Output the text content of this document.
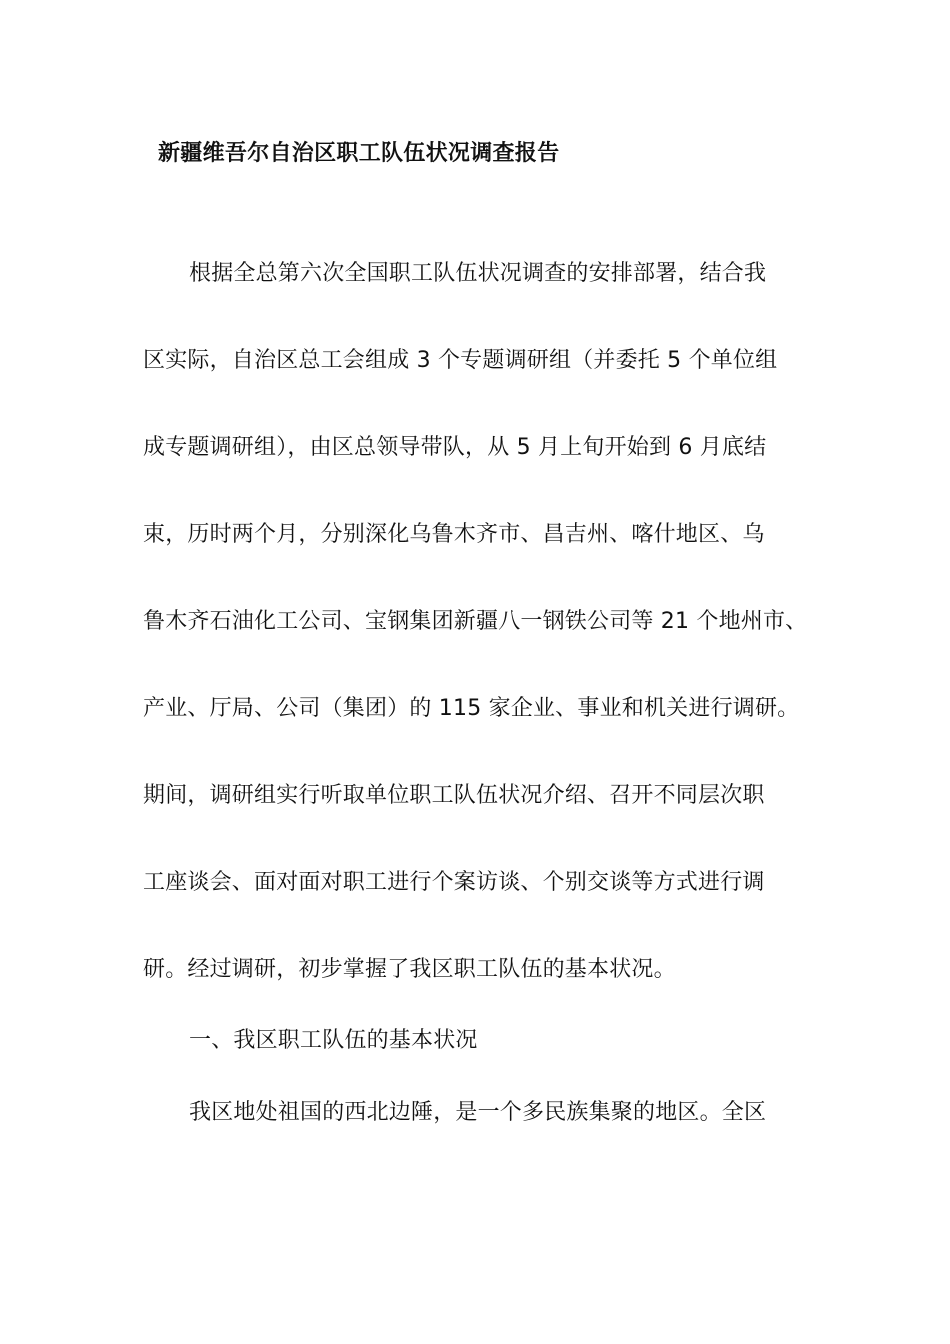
新疆维吾尔自治区职工队伍状况调查报告
根据全总第六次全国职工队伍状况调查的安排部署，结合我
区实际，自治区总工会组成 3 个专题调研组（并委托 5 个单位组
成专题调研组），由区总领导带队，从 5 月上旬开始到 6 月底结
束，历时两个月，分别深化乌鲁木齐市、昌吉州、喀什地区、乌
鲁木齐石油化工公司、宝钢集团新疆八一钢铁公司等 21 个地州市、
产业、厅局、公司（集团）的 115 家企业、事业和机关进行调研。
期间，调研组实行听取单位职工队伍状况介绍、召开不同层次职
工座谈会、面对面对职工进行个案访谈、个别交谈等方式进行调
研。经过调研，初步掌握了我区职工队伍的基本状况。
一、我区职工队伍的基本状况
我区地处祖国的西北边陲，是一个多民族集聚的地区。全区
